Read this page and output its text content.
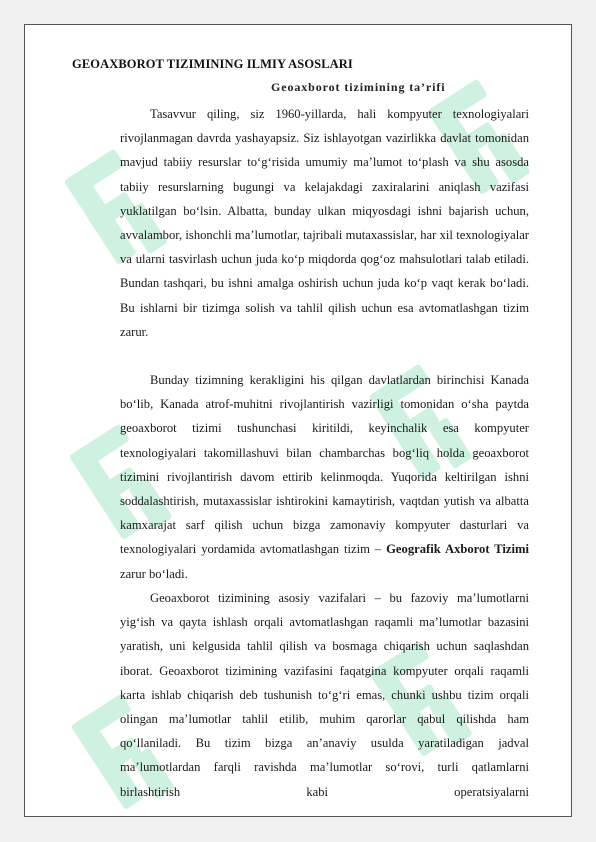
GEOAXBOROT TIZIMINING ILMIY ASOSLARI
Geoaxborot tizimining ta’rifi

Tasavvur qiling, siz 1960-yillarda, hali kompyuter texnologiyalari rivojlanmagan davrda yashayapsiz. Siz ishlayotgan vazirlikka davlat tomonidan mavjud tabiiy resurslar to‘g‘risida umumiy ma’lumot to‘plash va shu asosda tabiiy resurslarning bugungi va kelajakdagi zaxiralarini aniqlash vazifasi yuklatilgan bo‘lsin. Albatta, bunday ulkan miqyosdagi ishni bajarish uchun, avvalambor, ishonchli ma’lumotlar, tajribali mutaxassislar, har xil texnologiyalar va ularni tasvirlash uchun juda ko‘p miqdorda qog‘oz mahsulotlari talab etiladi. Bundan tashqari, bu ishni amalga oshirish uchun juda ko‘p vaqt kerak bo‘ladi. Bu ishlarni bir tizimga solish va tahlil qilish uchun esa avtomatlashgan tizim zarur.

Bunday tizimning kerakligini his qilgan davlatlardan birinchisi Kanada bo‘lib, Kanada atrof-muhitni rivojlantirish vazirligi tomonidan o‘sha paytda geoaxborot tizimi tushunchasi kiritildi, keyinchalik esa kompyuter texnologiyalari takomillashuvi bilan chambarchas bog‘liq holda geoaxborot tizimini rivojlantirish davom ettirib kelinmoqda. Yuqorida keltirilgan ishni soddalashtirish, mutaxassislar ishtirokini kamaytirish, vaqtdan yutish va albatta kamxarajat sarf qilish uchun bizga zamonaviy kompyuter dasturlari va texnologiyalari yordamida avtomatlashgan tizim – Geografik Axborot Tizimi zarur bo‘ladi.

Geoaxborot tizimining asosiy vazifalari – bu fazoviy ma’lumotlarni yig‘ish va qayta ishlash orqali avtomatlashgan raqamli ma’lumotlar bazasini yaratish, uni kelgusida tahlil qilish va bosmaga chiqarish uchun saqlashdan iborat. Geoaxborot tizimining vazifasini faqatgina kompyuter orqali raqamli karta ishlab chiqarish deb tushunish to‘g‘ri emas, chunki ushbu tizim orqali olingan ma’lumotlar tahlil etilib, muhim qarorlar qabul qilishda ham qo‘llaniladi. Bu tizim bizga an’anaviy usulda yaratiladigan jadval ma’lumotlardan farqli ravishda ma’lumotlar so‘rovi, turli qatlamlarni birlashtirish kabi operatsiyalarni
